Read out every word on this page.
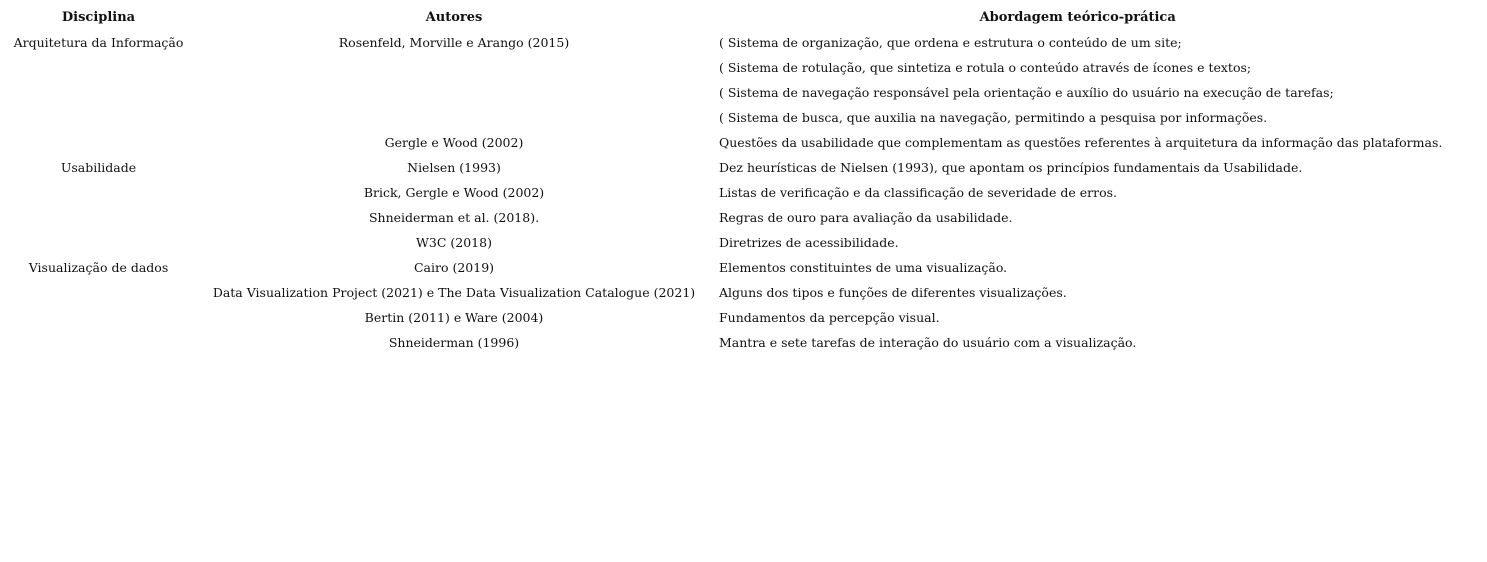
Disciplina	Autores	Abordagem teórico-prática
Arquitetura da Informação	Rosenfeld, Morville e Arango (2015)	( Sistema de organização, que ordena e estrutura o conteúdo de um site;
		( Sistema de rotulação, que sintetiza e rotula o conteúdo através de ícones e textos;
		( Sistema de navegação responsável pela orientação e auxílio do usuário na execução de tarefas;
		( Sistema de busca, que auxilia na navegação, permitindo a pesquisa por informações.
	Gergle e Wood (2002)	Questões da usabilidade que complementam as questões referentes à arquitetura da informação das plataformas.
Usabilidade	Nielsen (1993)	Dez heurísticas de Nielsen (1993), que apontam os princípios fundamentais da Usabilidade.
	Brick, Gergle e Wood (2002)	Listas de verificação e da classificação de severidade de erros.
	Shneiderman et al. (2018).	Regras de ouro para avaliação da usabilidade.
	W3C (2018)	Diretrizes de acessibilidade.
Visualização de dados	Cairo (2019)	Elementos constituintes de uma visualização.
	Data Visualization Project (2021) e The Data Visualization Catalogue (2021)	Alguns dos tipos e funções de diferentes visualizações.
	Bertin (2011) e Ware (2004)	Fundamentos da percepção visual.
	Shneiderman (1996)	Mantra e sete tarefas de interação do usuário com a visualização.
